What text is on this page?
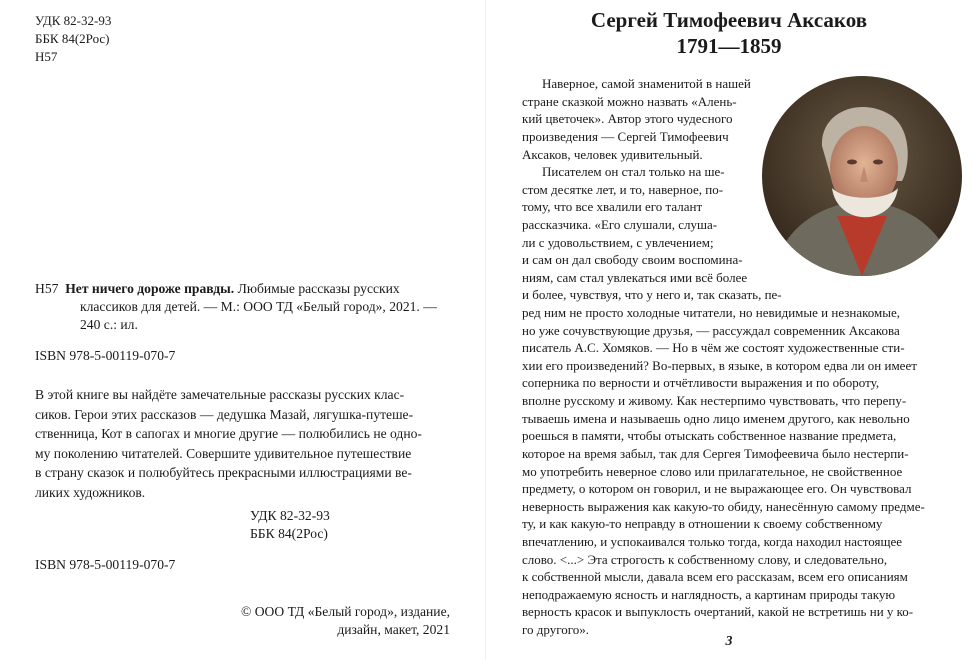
УДК 82-32-93
ББК 84(2Рос)
Н57
Н57 Нет ничего дороже правды. Любимые рассказы русских
классиков для детей. — М.: ООО ТД «Белый город», 2021. —
240 с.: ил.
ISBN 978-5-00119-070-7
В этой книге вы найдёте замечательные рассказы русских клас-
сиков. Герои этих рассказов — дедушка Мазай, лягушка-путеше-
ственница, Кот в сапогах и многие другие — полюбились не одно-
му поколению читателей. Совершите удивительное путешествие
в страну сказок и полюбуйтесь прекрасными иллюстрациями ве-
ликих художников.
УДК 82-32-93
ББК 84(2Рос)
ISBN 978-5-00119-070-7
© ООО ТД «Белый город», издание,
дизайн, макет, 2021
Сергей Тимофеевич Аксаков
1791—1859
Наверное, самой знаменитой в нашей
стране сказкой можно назвать «Алень-
кий цветочек». Автор этого чудесного
произведения — Сергей Тимофеевич
Аксаков, человек удивительный.
Писателем он стал только на ше-
стом десятке лет, и то, наверное, по-
тому, что все хвалили его талант
рассказчика. «Его слушали, слуша-
ли с удовольствием, с увлечением;
и сам он дал свободу своим воспомина-
ниям, сам стал увлекаться ими всё более
и более, чувствуя, что у него и, так сказать, пе-
ред ним не просто холодные читатели, но невидимые и незнакомые,
но уже сочувствующие друзья, — рассуждал современник Аксакова
писатель А.С. Хомяков. — Но в чём же состоят художественные сти-
хии его произведений? Во-первых, в языке, в котором едва ли он имеет
соперника по верности и отчётливости выражения и по обороту,
вполне русскому и живому. Как нестерпимо чувствовать, что перепу-
тываешь имена и называешь одно лицо именем другого, как невольно
роешься в памяти, чтобы отыскать собственное название предмета,
которое на время забыл, так для Сергея Тимофеевича было нестерпи-
мо употребить неверное слово или прилагательное, не свойственное
предмету, о котором он говорил, и не выражающее его. Он чувствовал
неверность выражения как какую-то обиду, нанесённую самому предме-
ту, и как какую-то неправду в отношении к своему собственному
впечатлению, и успокаивался только тогда, когда находил настоящее
слово. <...> Эта строгость к собственному слову, и следовательно,
к собственной мысли, давала всем его рассказам, всем его описаниям
неподражаемую ясность и наглядность, а картинам природы такую
верность красок и выпуклость очертаний, какой не встретишь ни у ко-
го другого».
3
